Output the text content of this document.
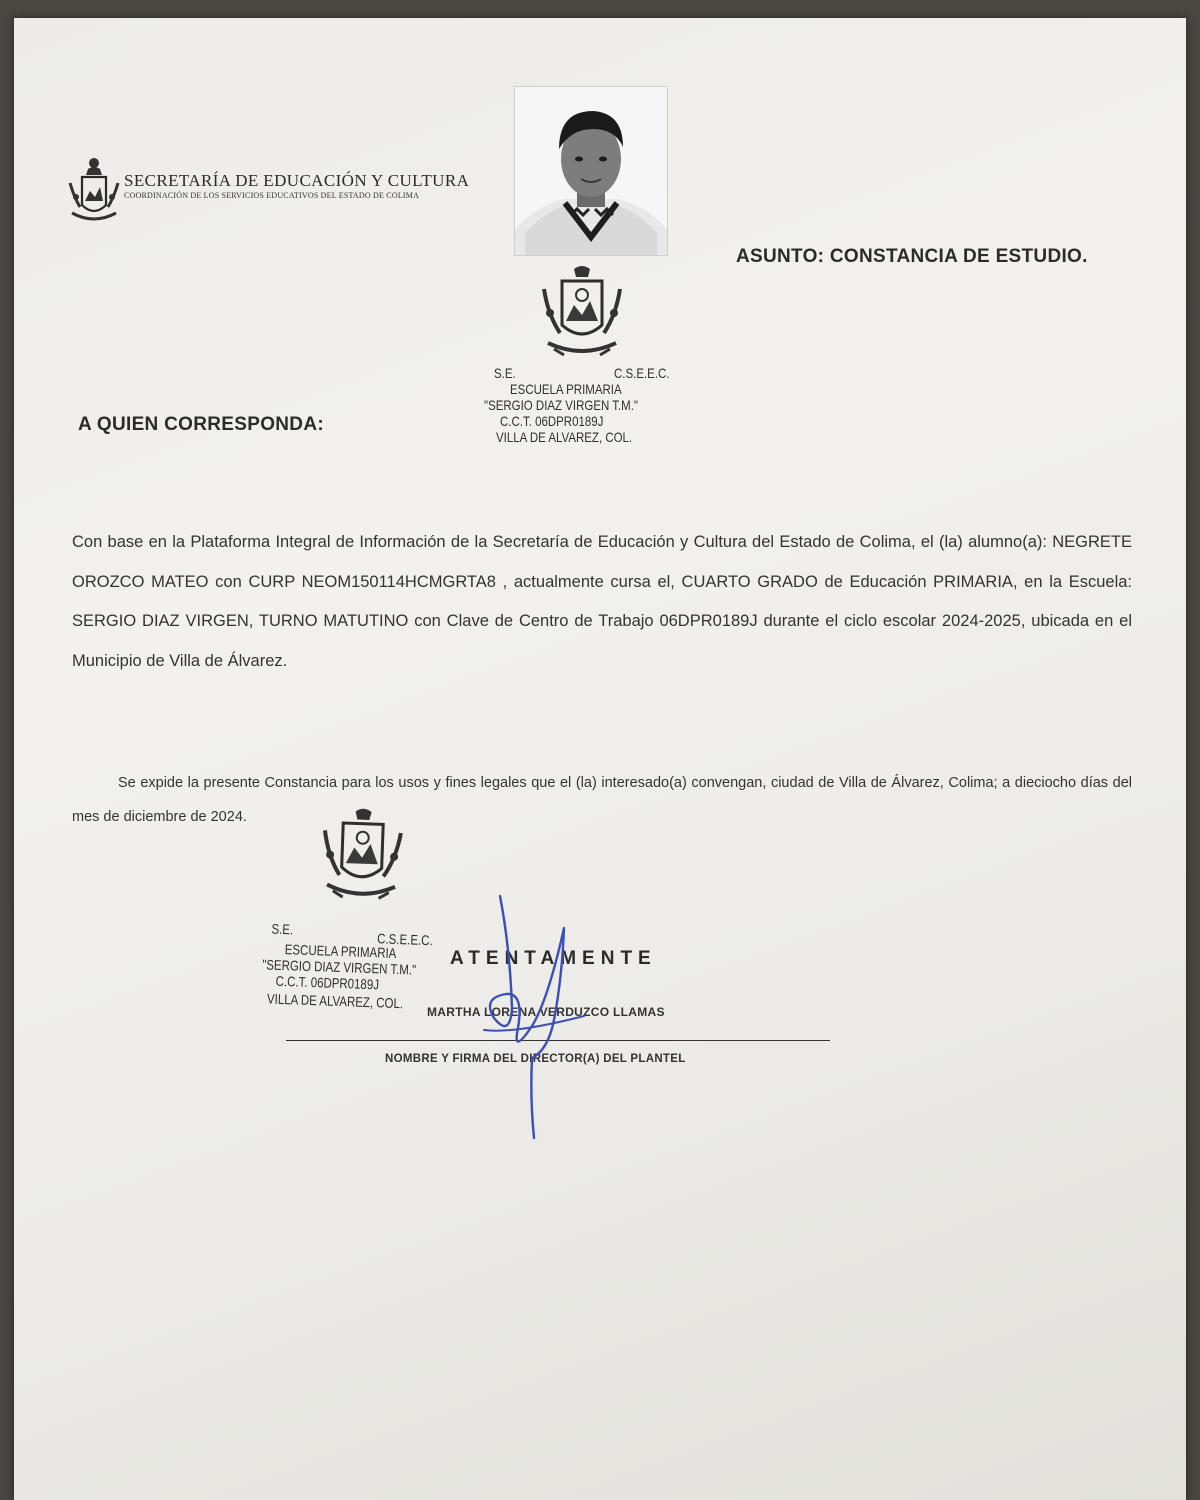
SECRETARÍA DE EDUCACIÓN Y CULTURA
COORDINACIÓN DE LOS SERVICIOS EDUCATIVOS DEL ESTADO DE COLIMA
ASUNTO: CONSTANCIA DE ESTUDIO.
S.E.	C.S.E.E.C.
ESCUELA PRIMARIA
"SERGIO DIAZ VIRGEN T.M."
C.C.T. 06DPR0189J
VILLA DE ALVAREZ, COL.
A QUIEN CORRESPONDA:

Con base en la Plataforma Integral de Información de la Secretaría de Educación y Cultura del Estado de Colima, el (la) alumno(a): NEGRETE OROZCO MATEO con CURP NEOM150114HCMGRTA8 , actualmente cursa el, CUARTO GRADO de Educación PRIMARIA, en la Escuela: SERGIO DIAZ VIRGEN, TURNO MATUTINO con Clave de Centro de Trabajo 06DPR0189J durante el ciclo escolar 2024-2025, ubicada en el Municipio de Villa de Álvarez.

Se expide la presente Constancia para los usos y fines legales que el (la) interesado(a) convengan, ciudad de Villa de Álvarez, Colima; a dieciocho días del mes de diciembre de 2024.

S.E.
C.S.E.E.C.
ESCUELA PRIMARIA
"SERGIO DIAZ VIRGEN T.M."
C.C.T. 06DPR0189J
VILLA DE ALVAREZ, COL.
ATENTAMENTE
MARTHA LORENA VERDUZCO LLAMAS
NOMBRE Y FIRMA DEL DIRECTOR(A) DEL PLANTEL
